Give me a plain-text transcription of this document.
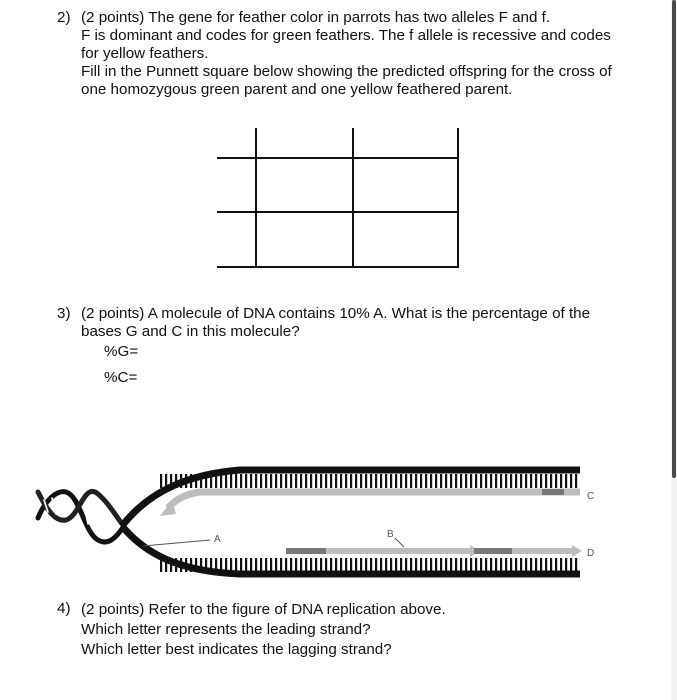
2) (2 points) The gene for feather color in parrots has two alleles F and f.
F is dominant and codes for green feathers. The f allele is recessive and codes
for yellow feathers.
Fill in the Punnett square below showing the predicted offspring for the cross of
one homozygous green parent and one yellow feathered parent.
3) (2 points) A molecule of DNA contains 10% A. What is the percentage of the
bases G and C in this molecule?
%G=
%C=
A	B
C
D
4) (2 points) Refer to the figure of DNA replication above.
Which letter represents the leading strand?
Which letter best indicates the lagging strand?
